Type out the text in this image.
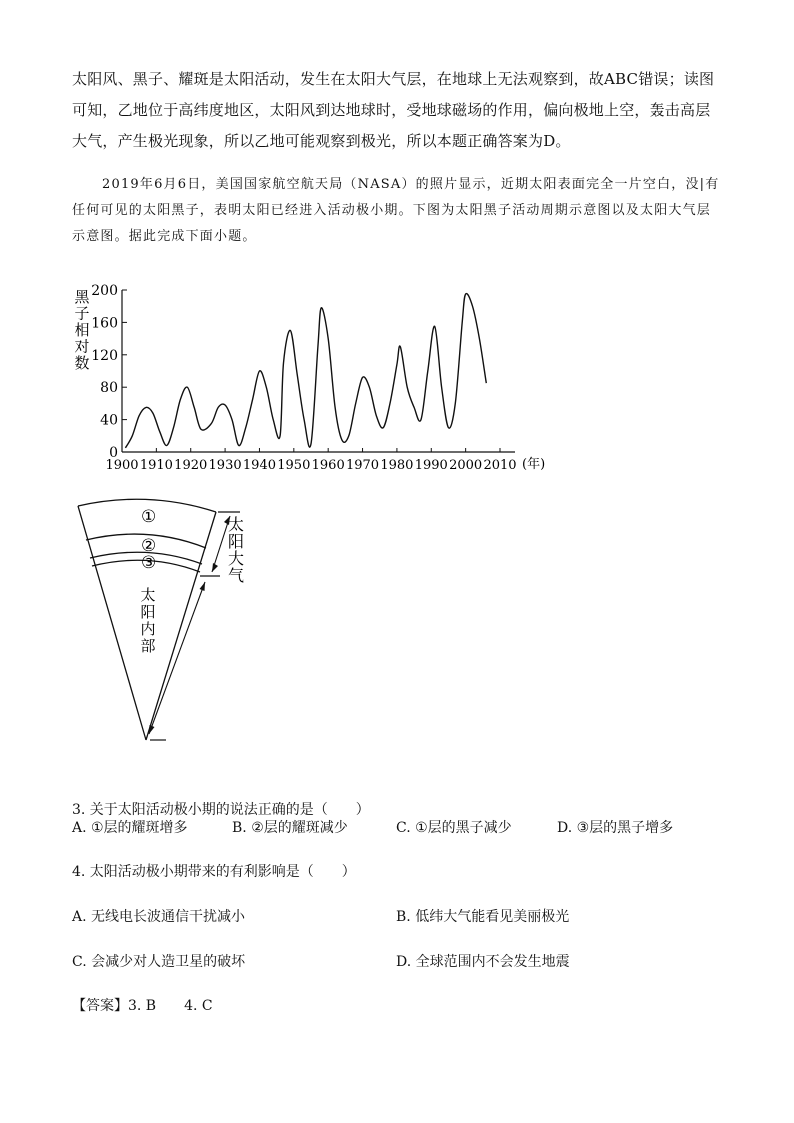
太阳风、黑子、耀斑是太阳活动，发生在太阳大气层，在地球上无法观察到，故ABC错误；读图可知，乙地位于高纬度地区，太阳风到达地球时，受地球磁场的作用，偏向极地上空，轰击高层大气，产生极光现象，所以乙地可能观察到极光，所以本题正确答案为D。
2019年6月6日，美国国家航空航天局（NASA）的照片显示，近期太阳表面完全一片空白，没|有任何可见的太阳黑子，表明太阳已经进入活动极小期。下图为太阳黑子活动周期示意图以及太阳大气层示意图。据此完成下面小题。
0
40
80
120
160
200
1900 1910 1920 1930 1940 1950 1960 1970 1980 1990 2000 2010 (年)
黑
子
相
对
数
①
②
③
太
阳
内
部
太
阳
大
气
3. 关于太阳活动极小期的说法正确的是（　　）
A. ①层的耀斑增多	B. ②层的耀斑减少	C. ①层的黑子减少	D. ③层的黑子增多
4. 太阳活动极小期带来的有利影响是（　　）
A. 无线电长波通信干扰减小	B. 低纬大气能看见美丽极光
C. 会减少对人造卫星的破坏	D. 全球范围内不会发生地震
【答案】3. B　　4. C
